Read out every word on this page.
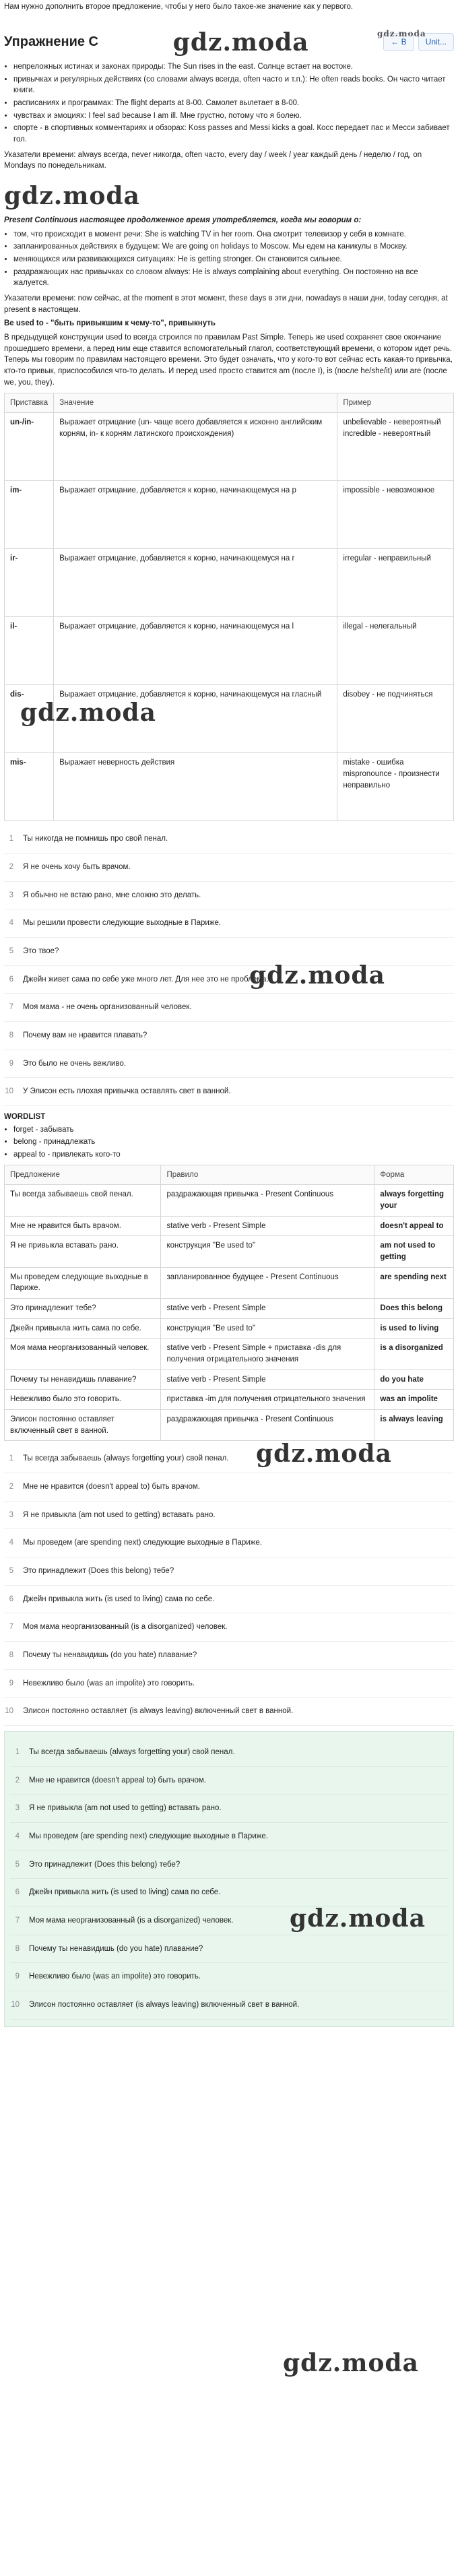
Нам нужно дополнить второе предложение, чтобы у него было такое-же значение как у первого.

Упражнение C	gdz.moda	← B	Unit...
• непреложных истинах и законах природы: The Sun rises in the east. Солнце встает на востоке.
• привычках и регулярных действиях (со словами always всегда, often часто и т.п.): He often reads books. Он часто читает книги.
• расписаниях и программах: The flight departs at 8-00. Самолет вылетает в 8-00.
• чувствах и эмоциях: I feel sad because I am ill. Мне грустно, потому что я болею.
• спорте - в спортивных комментариях и обзорах: Koss passes and Messi kicks a goal. Косс передает пас и Месси забивает гол.

Указатели времени: always всегда, never никогда, often часто, every day / week / year каждый день / неделю / год, on Mondays по понедельникам.

gdz.moda

Present Continuous настоящее продолженное время употребляется, когда мы говорим о:

• том, что происходит в момент речи: She is watching TV in her room. Она смотрит телевизор у себя в комнате.
• запланированных действиях в будущем: We are going on holidays to Moscow. Мы едем на каникулы в Москву.
• меняющихся или развивающихся ситуациях: He is getting stronger. Он становится сильнее.
• раздражающих нас привычках со словом always: He is always complaining about everything. Он постоянно на все жалуется.

Указатели времени: now сейчас, at the moment в этот момент, these days в эти дни, nowadays в наши дни, today сегодня, at present в настоящем.

Be used to - "быть привыкшим к чему-то", привыкнуть

В предыдущей конструкции used to всегда строился по правилам Past Simple. Теперь же used сохраняет свое окончание прошедшего времени, а перед ним еще ставится вспомогательный глагол, соответствующий времени, о котором идет речь. Теперь мы говорим по правилам настоящего времени. Это будет означать, что у кого-то вот сейчас есть какая-то привычка, кто-то привык, приспособился что-то делать. И перед used просто ставится am (после I), is (после he/she/it) или are (после we, you, they).

Приставка	Значение	Пример
un-/in-	Выражает отрицание (un- чаще всего добавляется к исконно английским корням, in- к корням латинского происхождения)	unbelievable - невероятный
incredible - невероятный

im-	Выражает отрицание, добавляется к корню, начинающемуся на р	impossible - невозможное

ir-	Выражает отрицание, добавляется к корню, начинающемуся на r	irregular - неправильный

il-	Выражает отрицание, добавляется к корню, начинающемуся на l	illegal - нелегальный

dis-	Выражает отрицание, добавляется к корню, начинающемуся на гласный	disobey - не подчиняться

mis-	Выражает неверность действия	mistake - ошибка
mispronounce - произнести неправильно
1 Ты никогда не помнишь про свой пенал.
2 Я не очень хочу быть врачом.
3 Я обычно не встаю рано, мне сложно это делать.
4 Мы решили провести следующие выходные в Париже.
5 Это твое?
6 Джейн живет сама по себе уже много лет. Для нее это не проблема.
7 Моя мама - не очень организованный человек.
8 Почему вам не нравится плавать?
9 Это было не очень вежливо.
10 У Элисон есть плохая привычка оставлять свет в ванной.
WORDLIST
• forget - забывать
• belong - принадлежать
• appeal to - привлекать кого-то
Предложение	Правило	Форма
Ты всегда забываешь свой пенал.	раздражающая привычка - Present Continuous	always forgetting your
Мне не нравится быть врачом.	stative verb - Present Simple	doesn't appeal to
Я не привыкла вставать рано.	конструкция "Be used to"	am not used to getting
Мы проведем следующие выходные в Париже.	запланированное будущее - Present Continuous	are spending next
Это принадлежит тебе?	stative verb - Present Simple	Does this belong
Джейн привыкла жить сама по себе.	конструкция "Be used to"	is used to living
Моя мама неорганизованный человек.	stative verb - Present Simple + приставка -dis для получения отрицательного значения	is a disorganized
Почему ты ненавидишь плавание?	stative verb - Present Simple	do you hate
Невежливо было это говорить.	приставка -im для получения отрицательного значения	was an impolite
Элисон постоянно оставляет включенный свет в ванной.	раздражающая привычка - Present Continuous	is always leaving
1 Ты всегда забываешь (always forgetting your) свой пенал.
2 Мне не нравится (doesn't appeal to) быть врачом.
3 Я не привыкла (am not used to getting) вставать рано.
4 Мы проведем (are spending next) следующие выходные в Париже.
5 Это принадлежит (Does this belong) тебе?
6 Джейн привыкла жить (is used to living) сама по себе.
7 Моя мама неорганизованный (is a disorganized) человек.
8 Почему ты ненавидишь (do you hate) плавание?
9 Невежливо было (was an impolite) это говорить.
10 Элисон постоянно оставляет (is always leaving) включенный свет в ванной.
1 Ты всегда забываешь (always forgetting your) свой пенал.
2 Мне не нравится (doesn't appeal to) быть врачом.
3 Я не привыкла (am not used to getting) вставать рано.
4 Мы проведем (are spending next) следующие выходные в Париже.
5 Это принадлежит (Does this belong) тебе?
6 Джейн привыкла жить (is used to living) сама по себе.
7 Моя мама неорганизованный (is a disorganized) человек.
8 Почему ты ненавидишь (do you hate) плавание?
9 Невежливо было (was an impolite) это говорить.
10 Элисон постоянно оставляет (is always leaving) включенный свет в ванной.
gdz.moda
gdz.moda
gdz.moda
gdz.moda
gdz.moda
gdz.moda
